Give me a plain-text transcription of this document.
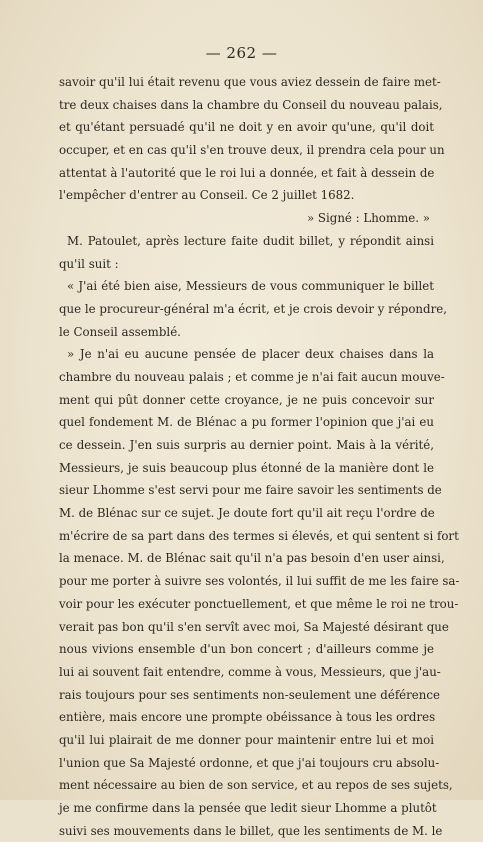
— 262 —
savoir qu'il lui était revenu que vous aviez dessein de faire met-
tre deux chaises dans la chambre du Conseil du nouveau palais,
et qu'étant persuadé qu'il ne doit y en avoir qu'une, qu'il doit
occuper, et en cas qu'il s'en trouve deux, il prendra cela pour un
attentat à l'autorité que le roi lui a donnée, et fait à dessein de
l'empêcher d'entrer au Conseil. Ce 2 juillet 1682.
» Signé : Lhomme. »
M. Patoulet, après lecture faite dudit billet, y répondit ainsi
qu'il suit :
« J'ai été bien aise, Messieurs de vous communiquer le billet
que le procureur-général m'a écrit, et je crois devoir y répondre,
le Conseil assemblé.
» Je n'ai eu aucune pensée de placer deux chaises dans la
chambre du nouveau palais ; et comme je n'ai fait aucun mouve-
ment qui pût donner cette croyance, je ne puis concevoir sur
quel fondement M. de Blénac a pu former l'opinion que j'ai eu
ce dessein. J'en suis surpris au dernier point. Mais à la vérité,
Messieurs, je suis beaucoup plus étonné de la manière dont le
sieur Lhomme s'est servi pour me faire savoir les sentiments de
M. de Blénac sur ce sujet. Je doute fort qu'il ait reçu l'ordre de
m'écrire de sa part dans des termes si élevés, et qui sentent si fort
la menace. M. de Blénac sait qu'il n'a pas besoin d'en user ainsi,
pour me porter à suivre ses volontés, il lui suffit de me les faire sa-
voir pour les exécuter ponctuellement, et que même le roi ne trou-
verait pas bon qu'il s'en servît avec moi, Sa Majesté désirant que
nous vivions ensemble d'un bon concert ; d'ailleurs comme je
lui ai souvent fait entendre, comme à vous, Messieurs, que j'au-
rais toujours pour ses sentiments non-seulement une déférence
entière, mais encore une prompte obéissance à tous les ordres
qu'il lui plairait de me donner pour maintenir entre lui et moi
l'union que Sa Majesté ordonne, et que j'ai toujours cru absolu-
ment nécessaire au bien de son service, et au repos de ses sujets,
je me confirme dans la pensée que ledit sieur Lhomme a plutôt
suivi ses mouvements dans le billet, que les sentiments de M. le
